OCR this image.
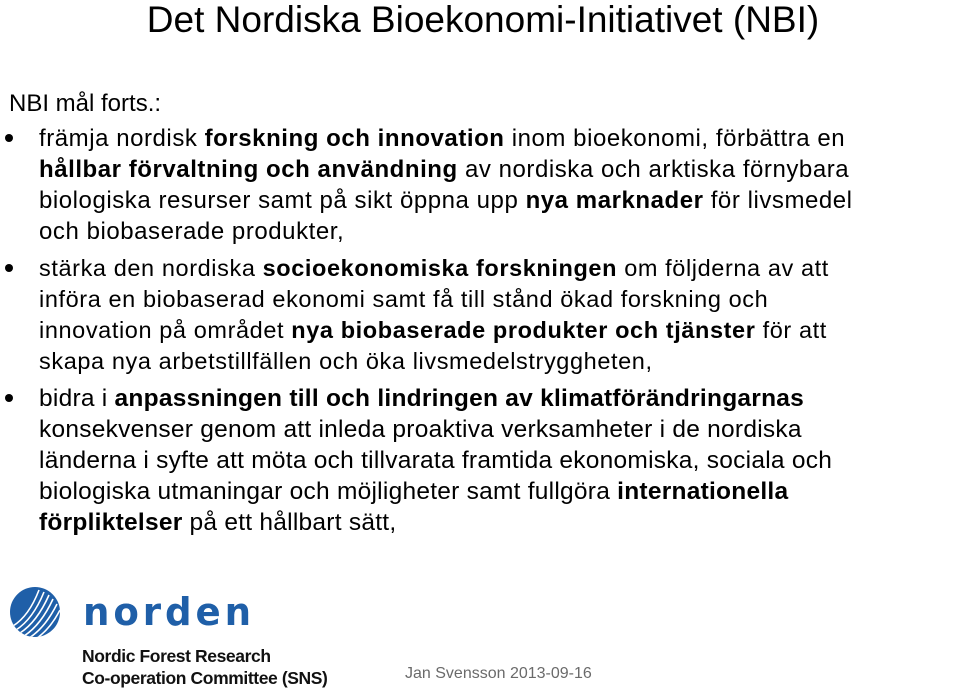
Det Nordiska Bioekonomi-Initiativet (NBI)
NBI mål forts.:
främja nordisk forskning och innovation inom bioekonomi, förbättra en
hållbar förvaltning och användning av nordiska och arktiska förnybara
biologiska resurser samt på sikt öppna upp nya marknader för livsmedel
och biobaserade produkter,
stärka den nordiska socioekonomiska forskningen om följderna av att
införa en biobaserad ekonomi samt få till stånd ökad forskning och
innovation på området nya biobaserade produkter och tjänster för att
skapa nya arbetstillfällen och öka livsmedelstryggheten,
bidra i anpassningen till och lindringen av klimatförändringarnas
konsekvenser genom att inleda proaktiva verksamheter i de nordiska
länderna i syfte att möta och tillvarata framtida ekonomiska, sociala och
biologiska utmaningar och möjligheter samt fullgöra internationella
förpliktelser på ett hållbart sätt,
norden
Nordic Forest Research
Co-operation Committee (SNS)	Jan Svensson 2013-09-16
